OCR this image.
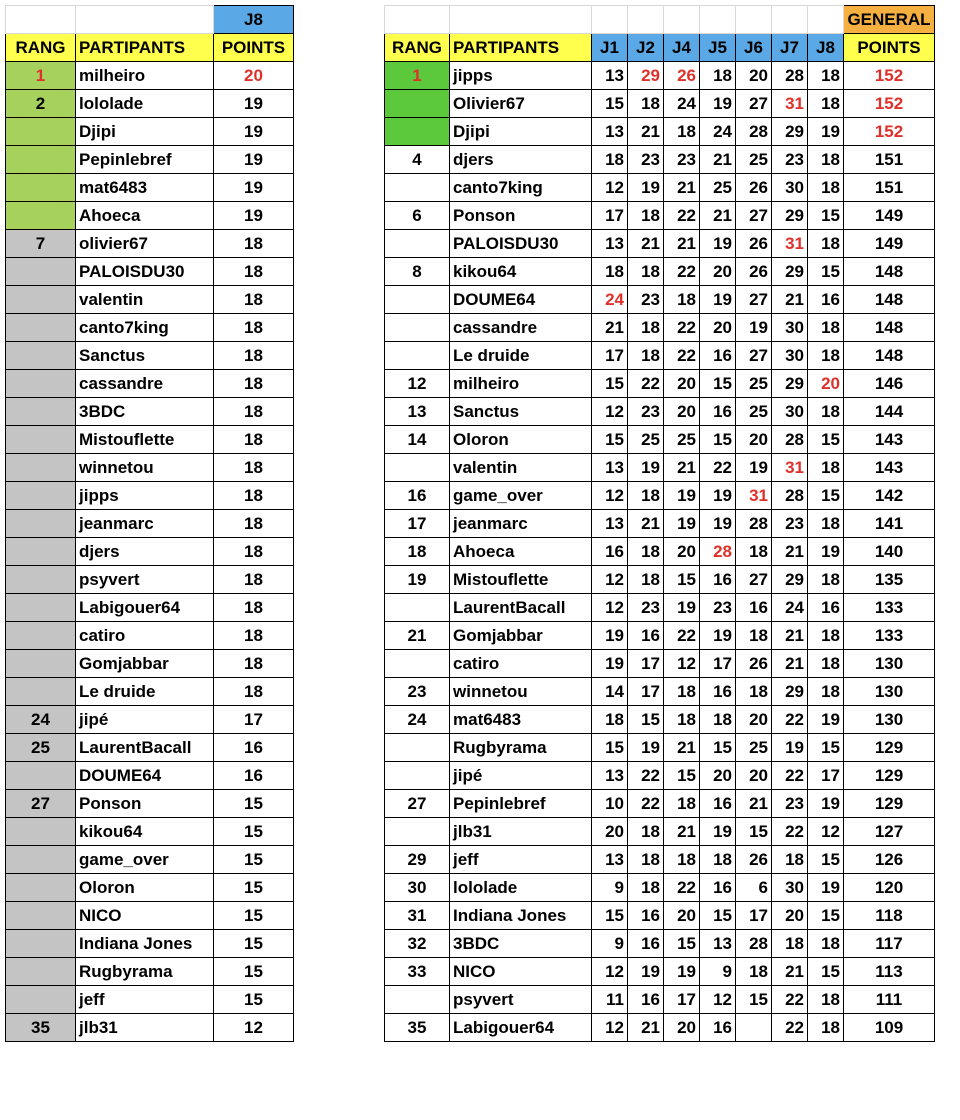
		J8
RANG	PARTIPANTS	POINTS
1	milheiro	20
2	lololade	19
	Djipi	19
	Pepinlebref	19
	mat6483	19
	Ahoeca	19
7	olivier67	18
	PALOISDU30	18
	valentin	18
	canto7king	18
	Sanctus	18
	cassandre	18
	3BDC	18
	Mistouflette	18
	winnetou	18
	jipps	18
	jeanmarc	18
	djers	18
	psyvert	18
	Labigouer64	18
	catiro	18
	Gomjabbar	18
	Le druide	18
24	jipé	17
25	LaurentBacall	16
	DOUME64	16
27	Ponson	15
	kikou64	15
	game_over	15
	Oloron	15
	NICO	15
	Indiana Jones	15
	Rugbyrama	15
	jeff	15
35	jlb31	12
									GENERAL
RANG	PARTIPANTS	J1	J2	J4	J5	J6	J7	J8	POINTS
1	jipps	13	29	26	18	20	28	18	152
	Olivier67	15	18	24	19	27	31	18	152
	Djipi	13	21	18	24	28	29	19	152
4	djers	18	23	23	21	25	23	18	151
	canto7king	12	19	21	25	26	30	18	151
6	Ponson	17	18	22	21	27	29	15	149
	PALOISDU30	13	21	21	19	26	31	18	149
8	kikou64	18	18	22	20	26	29	15	148
	DOUME64	24	23	18	19	27	21	16	148
	cassandre	21	18	22	20	19	30	18	148
	Le druide	17	18	22	16	27	30	18	148
12	milheiro	15	22	20	15	25	29	20	146
13	Sanctus	12	23	20	16	25	30	18	144
14	Oloron	15	25	25	15	20	28	15	143
	valentin	13	19	21	22	19	31	18	143
16	game_over	12	18	19	19	31	28	15	142
17	jeanmarc	13	21	19	19	28	23	18	141
18	Ahoeca	16	18	20	28	18	21	19	140
19	Mistouflette	12	18	15	16	27	29	18	135
	LaurentBacall	12	23	19	23	16	24	16	133
21	Gomjabbar	19	16	22	19	18	21	18	133
	catiro	19	17	12	17	26	21	18	130
23	winnetou	14	17	18	16	18	29	18	130
24	mat6483	18	15	18	18	20	22	19	130
	Rugbyrama	15	19	21	15	25	19	15	129
	jipé	13	22	15	20	20	22	17	129
27	Pepinlebref	10	22	18	16	21	23	19	129
	jlb31	20	18	21	19	15	22	12	127
29	jeff	13	18	18	18	26	18	15	126
30	lololade	9	18	22	16	6	30	19	120
31	Indiana Jones	15	16	20	15	17	20	15	118
32	3BDC	9	16	15	13	28	18	18	117
33	NICO	12	19	19	9	18	21	15	113
	psyvert	11	16	17	12	15	22	18	111
35	Labigouer64	12	21	20	16		22	18	109
